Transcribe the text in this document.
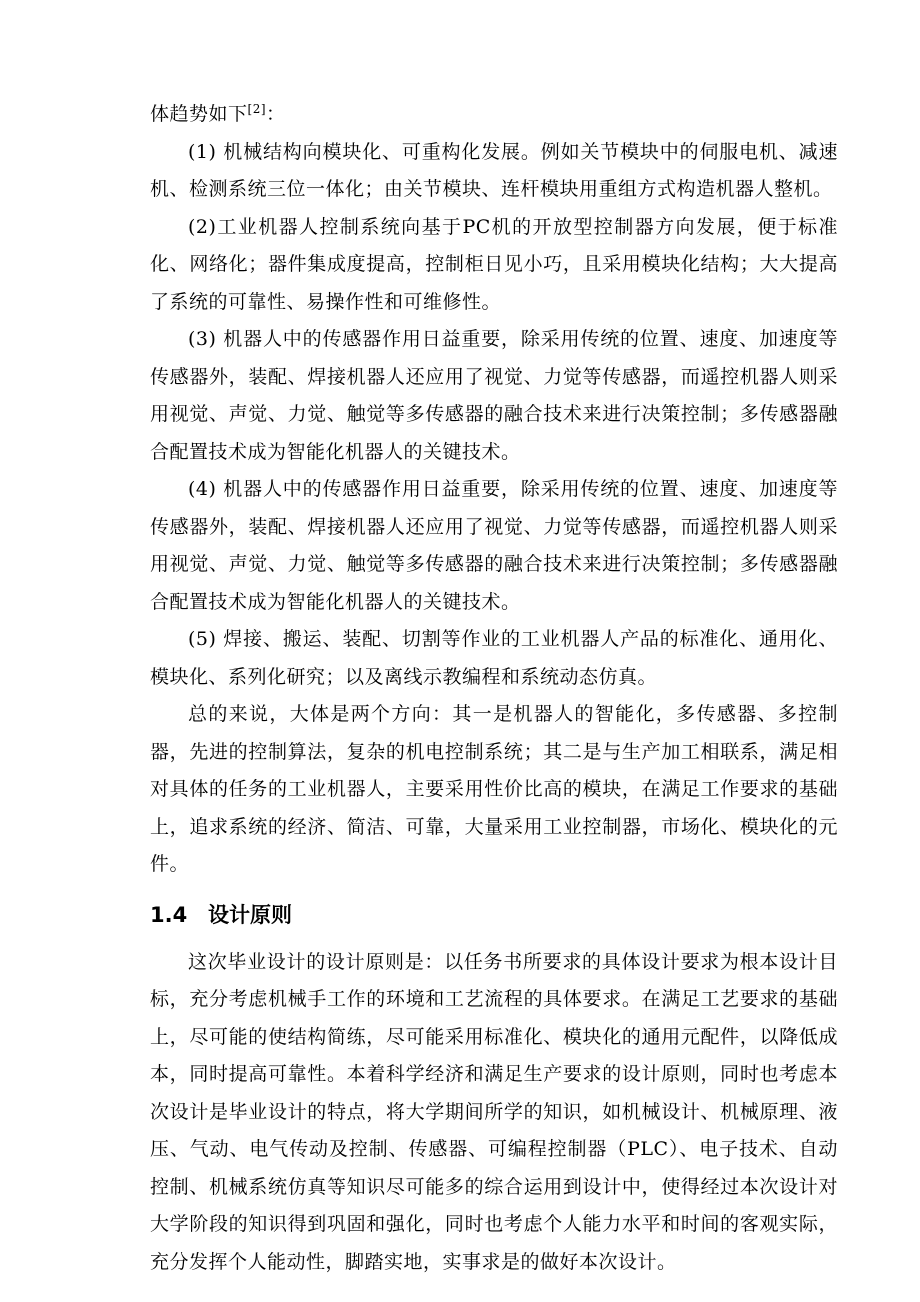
体趋势如下[2]：

(1) 机械结构向模块化、可重构化发展。例如关节模块中的伺服电机、减速机、检测系统三位一体化；由关节模块、连杆模块用重组方式构造机器人整机。

(2)工业机器人控制系统向基于PC机的开放型控制器方向发展，便于标准化、网络化；器件集成度提高，控制柜日见小巧，且采用模块化结构；大大提高了系统的可靠性、易操作性和可维修性。

(3) 机器人中的传感器作用日益重要，除采用传统的位置、速度、加速度等传感器外，装配、焊接机器人还应用了视觉、力觉等传感器，而遥控机器人则采用视觉、声觉、力觉、触觉等多传感器的融合技术来进行决策控制；多传感器融合配置技术成为智能化机器人的关键技术。

(4) 机器人中的传感器作用日益重要，除采用传统的位置、速度、加速度等传感器外，装配、焊接机器人还应用了视觉、力觉等传感器，而遥控机器人则采用视觉、声觉、力觉、触觉等多传感器的融合技术来进行决策控制；多传感器融合配置技术成为智能化机器人的关键技术。

(5) 焊接、搬运、装配、切割等作业的工业机器人产品的标准化、通用化、模块化、系列化研究；以及离线示教编程和系统动态仿真。

总的来说，大体是两个方向：其一是机器人的智能化，多传感器、多控制器，先进的控制算法，复杂的机电控制系统；其二是与生产加工相联系，满足相对具体的任务的工业机器人，主要采用性价比高的模块，在满足工作要求的基础上，追求系统的经济、简洁、可靠，大量采用工业控制器，市场化、模块化的元件。

1.4 设计原则

这次毕业设计的设计原则是：以任务书所要求的具体设计要求为根本设计目标，充分考虑机械手工作的环境和工艺流程的具体要求。在满足工艺要求的基础上，尽可能的使结构简练，尽可能采用标准化、模块化的通用元配件，以降低成本，同时提高可靠性。本着科学经济和满足生产要求的设计原则，同时也考虑本次设计是毕业设计的特点，将大学期间所学的知识，如机械设计、机械原理、液压、气动、电气传动及控制、传感器、可编程控制器（PLC）、电子技术、自动控制、机械系统仿真等知识尽可能多的综合运用到设计中，使得经过本次设计对大学阶段的知识得到巩固和强化，同时也考虑个人能力水平和时间的客观实际，充分发挥个人能动性，脚踏实地，实事求是的做好本次设计。
